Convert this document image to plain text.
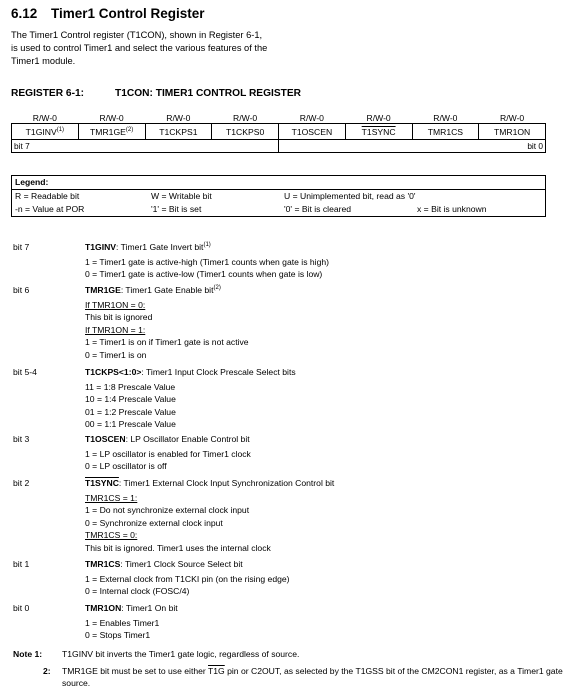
6.12 Timer1 Control Register

The Timer1 Control register (T1CON), shown in Register 6-1, is used to control Timer1 and select the various features of the Timer1 module.

REGISTER 6-1:	T1CON: TIMER1 CONTROL REGISTER
R/W-0	R/W-0	R/W-0	R/W-0	R/W-0	R/W-0	R/W-0	R/W-0
T1GINV$^{(1)}$	TMR1GE$^{(2)}$	T1CKPS1	T1CKPS0	T1OSCEN	T1SYNC	TMR1CS	TMR1ON
bit 7				bit 0			
Legend:
R = Readable bit	W = Writable bit	U = Unimplemented bit, read as '0'
-n = Value at POR	'1' = Bit is set	'0' = Bit is cleared	x = Bit is unknown
bit 7	T1GINV: Timer1 Gate Invert bit$^{(1)}$
1 = Timer1 gate is active-high (Timer1 counts when gate is high)
0 = Timer1 gate is active-low (Timer1 counts when gate is low)
bit 6	TMR1GE: Timer1 Gate Enable bit$^{(2)}$
If TMR1ON = 0:
This bit is ignored
If TMR1ON = 1:
1 = Timer1 is on if Timer1 gate is not active
0 = Timer1 is on
bit 5-4	T1CKPS<1:0>: Timer1 Input Clock Prescale Select bits
11 = 1:8 Prescale Value
10 = 1:4 Prescale Value
01 = 1:2 Prescale Value
00 = 1:1 Prescale Value
bit 3	T1OSCEN: LP Oscillator Enable Control bit
1 = LP oscillator is enabled for Timer1 clock
0 = LP oscillator is off
bit 2	T1SYNC: Timer1 External Clock Input Synchronization Control bit
TMR1CS = 1:
1 = Do not synchronize external clock input
0 = Synchronize external clock input
TMR1CS = 0:
This bit is ignored. Timer1 uses the internal clock
bit 1	TMR1CS: Timer1 Clock Source Select bit
1 = External clock from T1CKI pin (on the rising edge)
0 = Internal clock (FOSC/4)
bit 0	TMR1ON: Timer1 On bit
1 = Enables Timer1
0 = Stops Timer1
Note 1: T1GINV bit inverts the Timer1 gate logic, regardless of source.
2: TMR1GE bit must be set to use either T1G pin or C2OUT, as selected by the T1GSS bit of the CM2CON1 register, as a Timer1 gate source.
